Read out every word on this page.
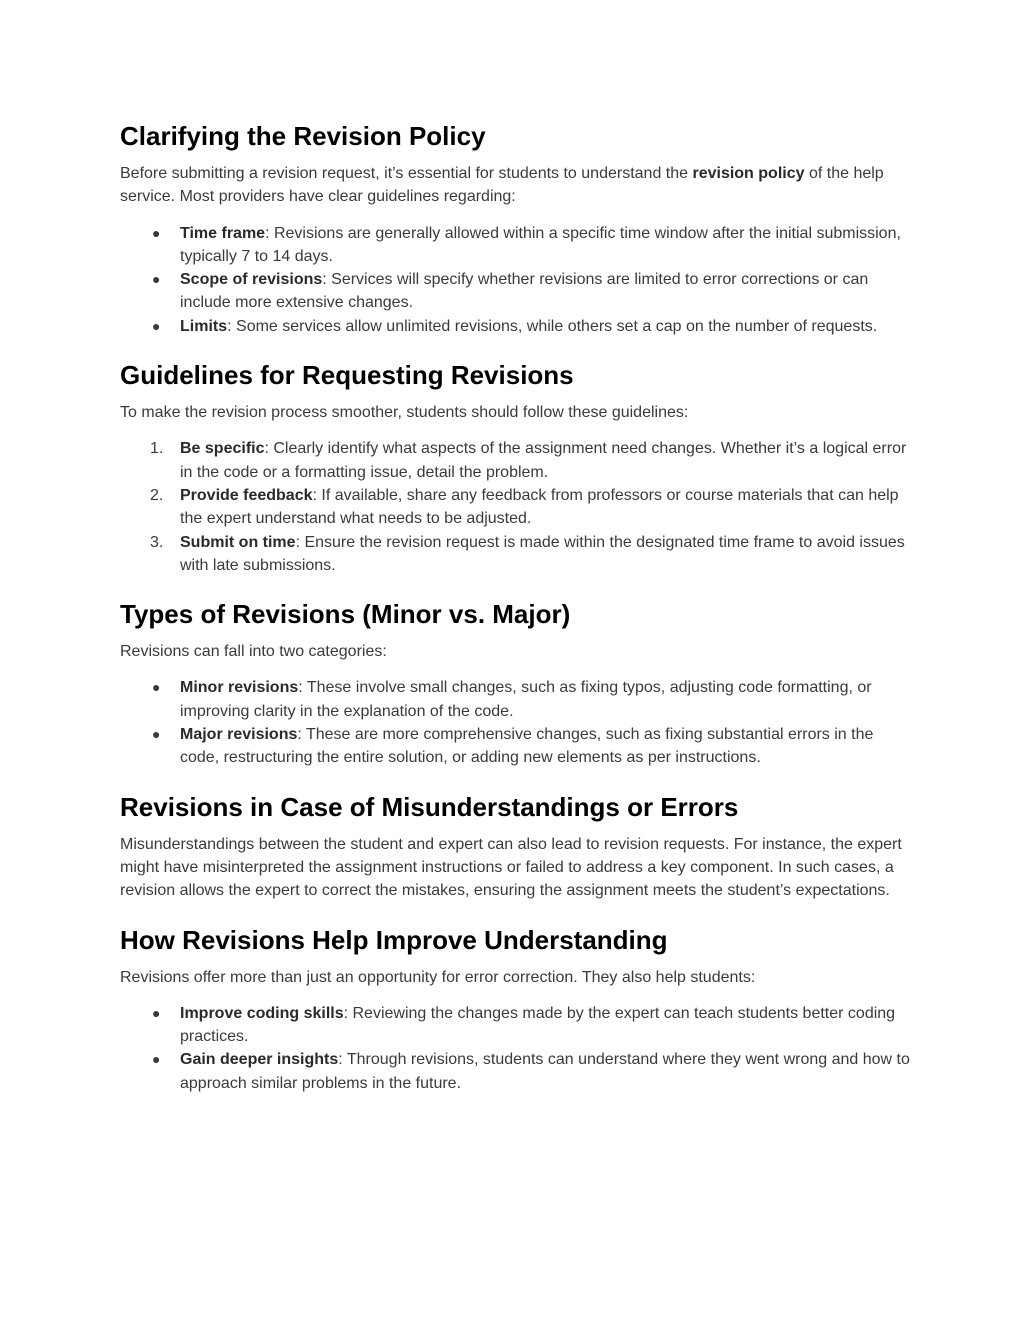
Clarifying the Revision Policy

Before submitting a revision request, it’s essential for students to understand the revision policy of the help service. Most providers have clear guidelines regarding:

●	Time frame: Revisions are generally allowed within a specific time window after the initial submission, typically 7 to 14 days.
●	Scope of revisions: Services will specify whether revisions are limited to error corrections or can include more extensive changes.
●	Limits: Some services allow unlimited revisions, while others set a cap on the number of requests.
Guidelines for Requesting Revisions

To make the revision process smoother, students should follow these guidelines:

1.	Be specific: Clearly identify what aspects of the assignment need changes. Whether it’s a logical error in the code or a formatting issue, detail the problem.
2.	Provide feedback: If available, share any feedback from professors or course materials that can help the expert understand what needs to be adjusted.
3.	Submit on time: Ensure the revision request is made within the designated time frame to avoid issues with late submissions.
Types of Revisions (Minor vs. Major)

Revisions can fall into two categories:

●	Minor revisions: These involve small changes, such as fixing typos, adjusting code formatting, or improving clarity in the explanation of the code.
●	Major revisions: These are more comprehensive changes, such as fixing substantial errors in the code, restructuring the entire solution, or adding new elements as per instructions.
Revisions in Case of Misunderstandings or Errors

Misunderstandings between the student and expert can also lead to revision requests. For instance, the expert might have misinterpreted the assignment instructions or failed to address a key component. In such cases, a revision allows the expert to correct the mistakes, ensuring the assignment meets the student’s expectations.

How Revisions Help Improve Understanding

Revisions offer more than just an opportunity for error correction. They also help students:

●	Improve coding skills: Reviewing the changes made by the expert can teach students better coding practices.
●	Gain deeper insights: Through revisions, students can understand where they went wrong and how to approach similar problems in the future.
